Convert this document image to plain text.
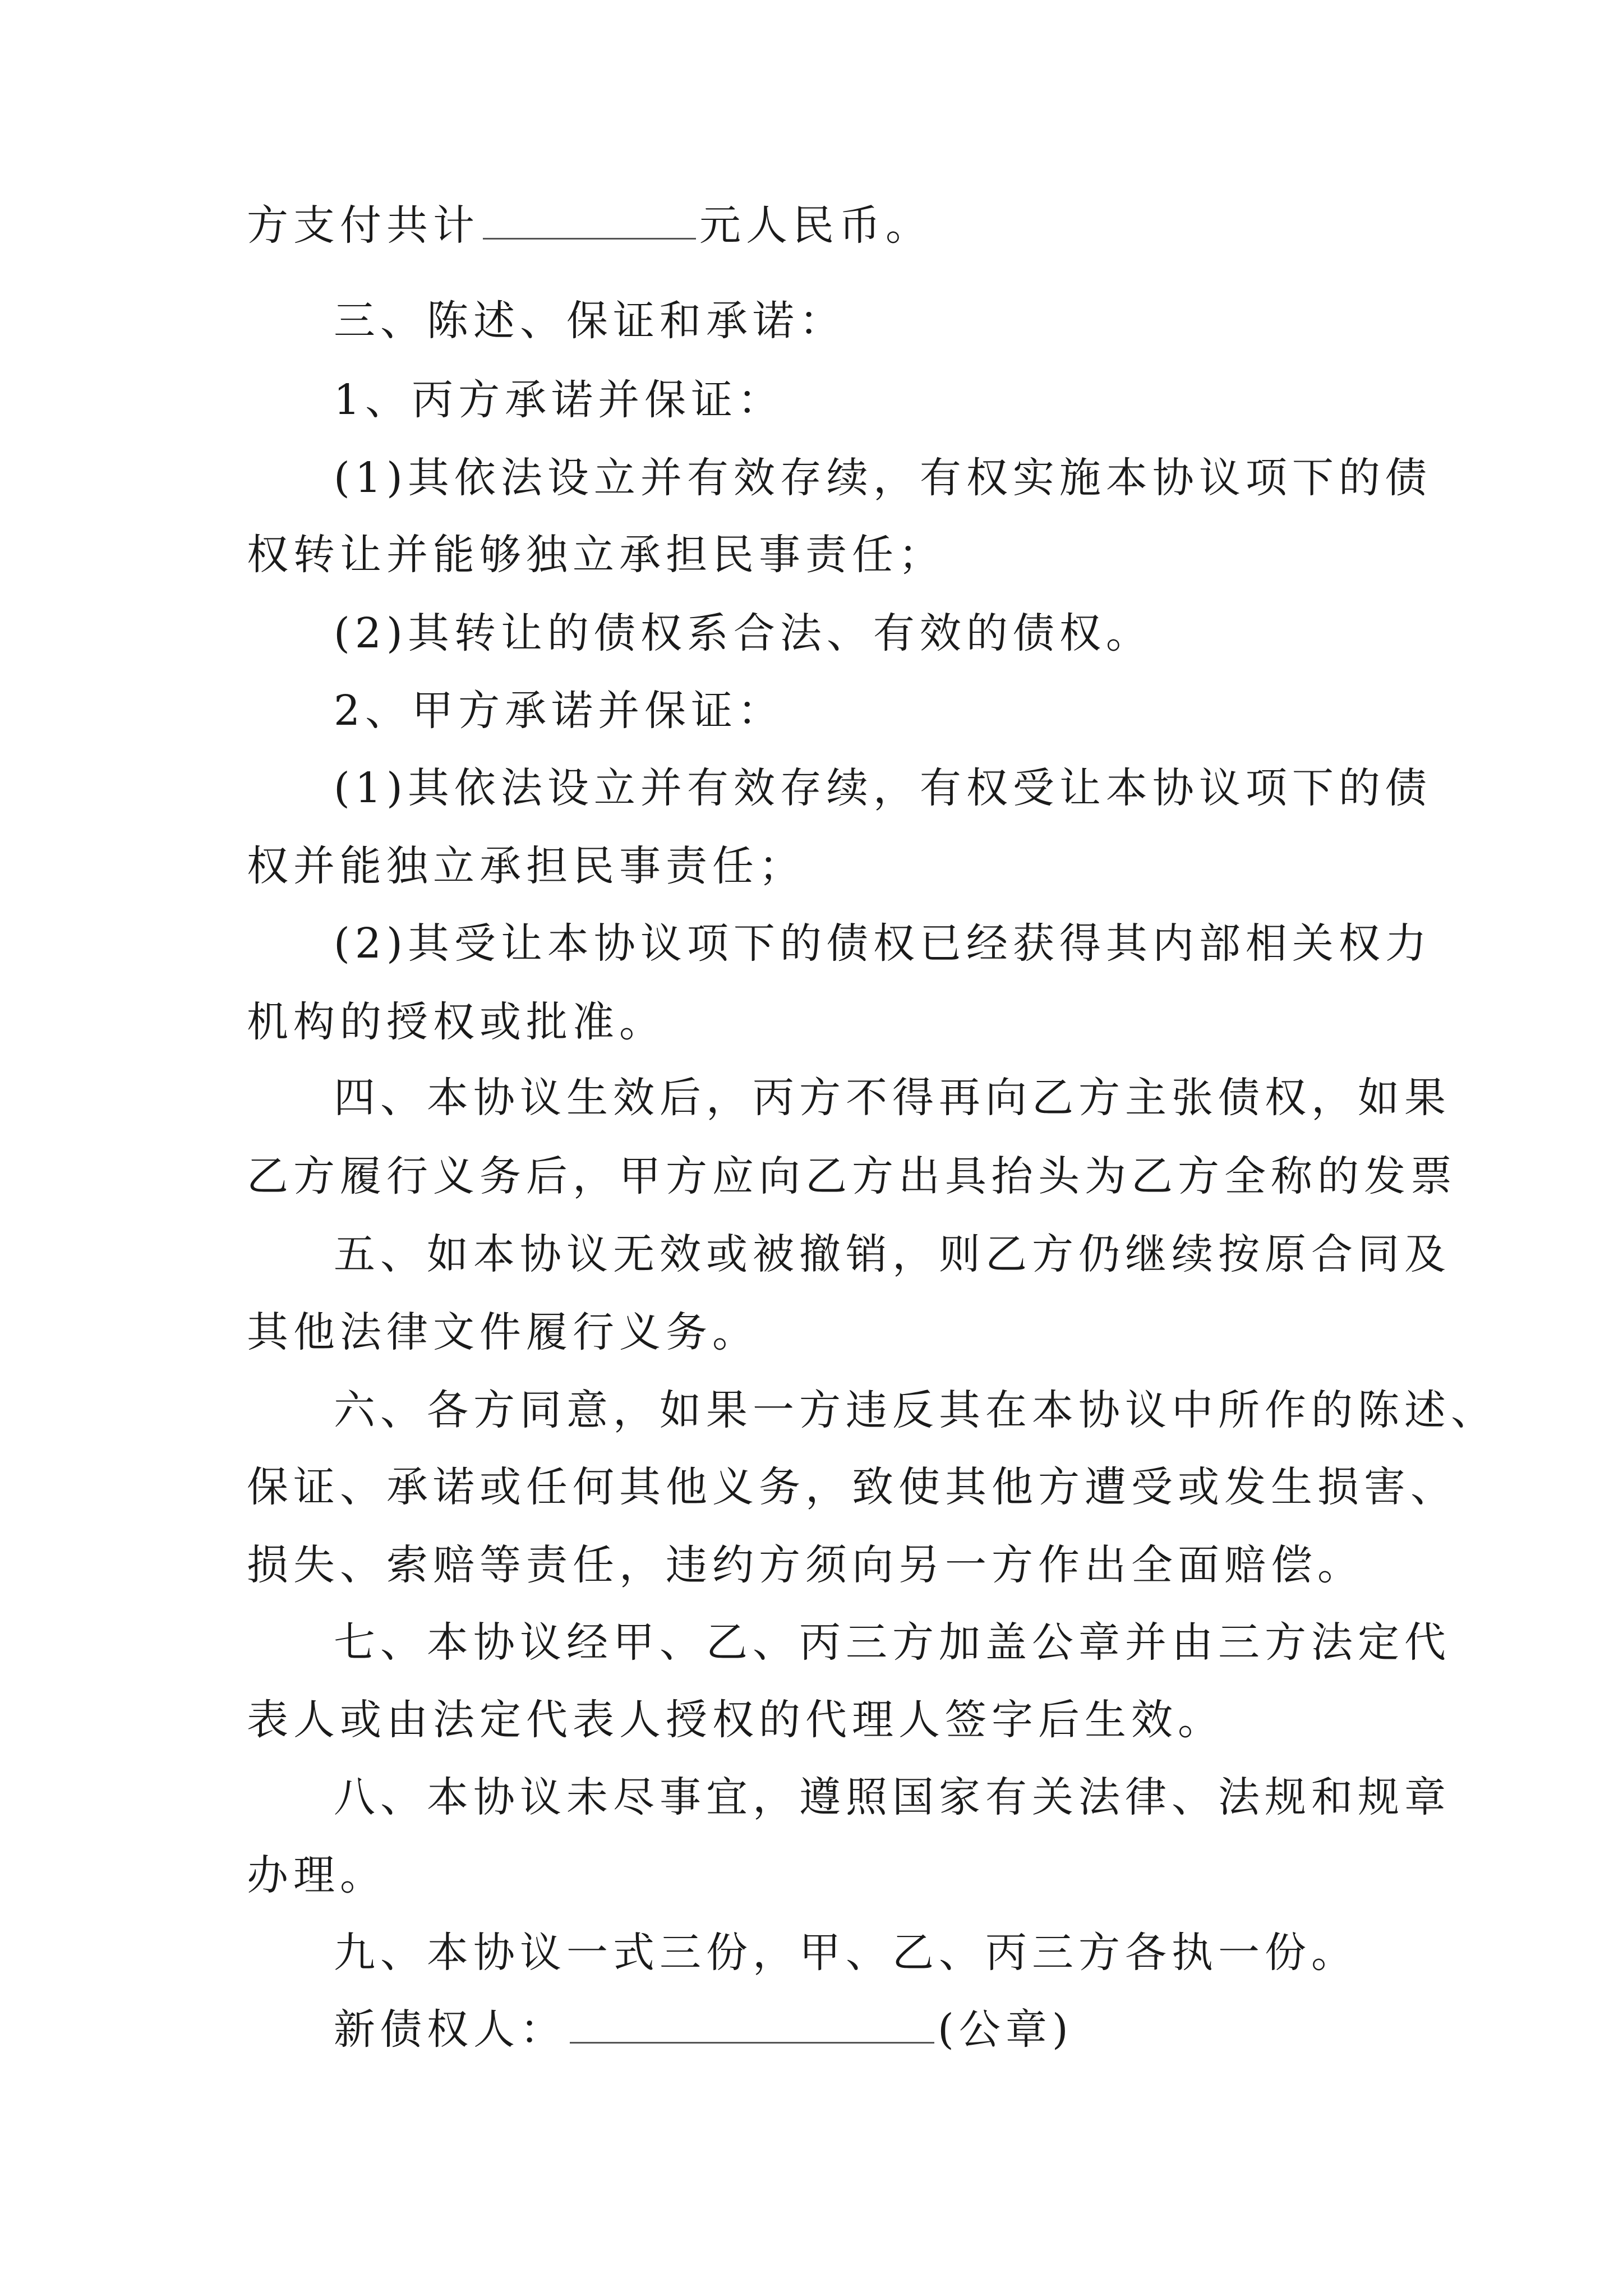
方支付共计	元人民币。
三、陈述、保证和承诺：
1、丙方承诺并保证：
(1)其依法设立并有效存续，有权实施本协议项下的债
权转让并能够独立承担民事责任；
(2)其转让的债权系合法、有效的债权。
2、甲方承诺并保证：
(1)其依法设立并有效存续，有权受让本协议项下的债
权并能独立承担民事责任；
(2)其受让本协议项下的债权已经获得其内部相关权力
机构的授权或批准。
四、本协议生效后，丙方不得再向乙方主张债权，如果
乙方履行义务后，甲方应向乙方出具抬头为乙方全称的发票
五、如本协议无效或被撤销，则乙方仍继续按原合同及
其他法律文件履行义务。
六、各方同意，如果一方违反其在本协议中所作的陈述、
保证、承诺或任何其他义务，致使其他方遭受或发生损害、
损失、索赔等责任，违约方须向另一方作出全面赔偿。
七、本协议经甲、乙、丙三方加盖公章并由三方法定代
表人或由法定代表人授权的代理人签字后生效。
八、本协议未尽事宜，遵照国家有关法律、法规和规章
办理。
九、本协议一式三份，甲、乙、丙三方各执一份。
新债权人：	(公章)
